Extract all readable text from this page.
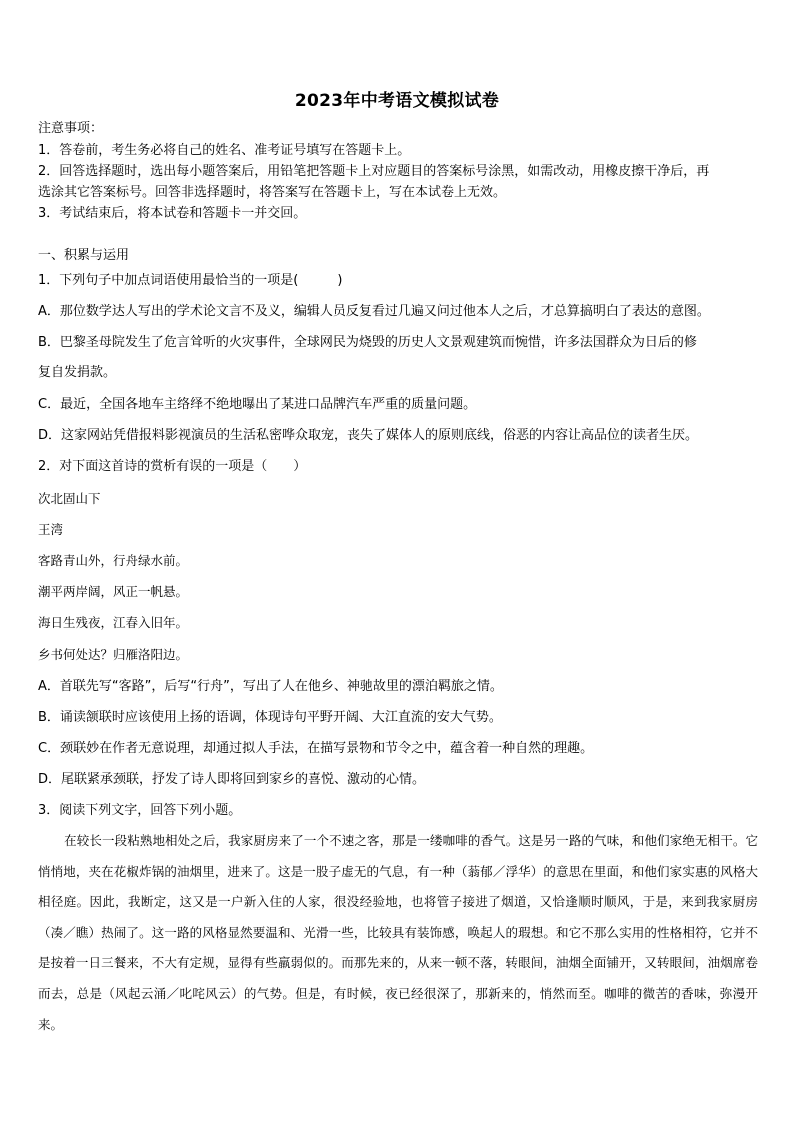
2023年中考语文模拟试卷
注意事项：
1．答卷前，考生务必将自己的姓名、准考证号填写在答题卡上。
2．回答选择题时，选出每小题答案后，用铅笔把答题卡上对应题目的答案标号涂黑，如需改动，用橡皮擦干净后，再
选涂其它答案标号。回答非选择题时，将答案写在答题卡上，写在本试卷上无效。
3．考试结束后，将本试卷和答题卡一并交回。
一、积累与运用
1．下列句子中加点词语使用最恰当的一项是(　　　)
A．那位数学达人写出的学术论文言不及义，编辑人员反复看过几遍又问过他本人之后，才总算搞明白了表达的意图。
B．巴黎圣母院发生了危言耸听的火灾事件，全球网民为烧毁的历史人文景观建筑而惋惜，许多法国群众为日后的修
复自发捐款。
C．最近，全国各地车主络绎不绝地曝出了某进口品牌汽车严重的质量问题。
D．这家网站凭借报料影视演员的生活私密哗众取宠，丧失了媒体人的原则底线，俗恶的内容让高品位的读者生厌。
2．对下面这首诗的赏析有误的一项是（　　）
次北固山下
王湾
客路青山外，行舟绿水前。
潮平两岸阔，风正一帆悬。
海日生残夜，江春入旧年。
乡书何处达？归雁洛阳边。
A．首联先写“客路”，后写“行舟”，写出了人在他乡、神驰故里的漂泊羁旅之情。
B．诵读颔联时应该使用上扬的语调，体现诗句平野开阔、大江直流的安大气势。
C．颈联妙在作者无意说理，却通过拟人手法，在描写景物和节令之中，蕴含着一种自然的理趣。
D．尾联紧承颈联，抒发了诗人即将回到家乡的喜悦、激动的心情。
3．阅读下列文字，回答下列小题。
在较长一段粘熟地相处之后，我家厨房来了一个不速之客，那是一缕咖啡的香气。这是另一路的气味，和他们家绝无相干。它悄悄地，夹在花椒炸锅的油烟里，进来了。这是一股子虚无的气息，有一种（蓊郁／浮华）的意思在里面，和他们家实惠的风格大相径庭。因此，我断定，这又是一户新入住的人家，很没经验地，也将管子接进了烟道，又恰逢顺时顺风，于是，来到我家厨房（凑／瞧）热闹了。这一路的风格显然要温和、光滑一些，比较具有装饰感，唤起人的瑕想。和它不那么实用的性格相符，它并不是按着一日三餐来，不大有定规，显得有些羸弱似的。而那先来的，从来一顿不落，转眼间，油烟全面铺开，又转眼间，油烟席卷而去，总是（风起云涌／叱咤风云）的气势。但是，有时候，夜已经很深了，那新来的，悄然而至。咖啡的微苦的香味，弥漫开来。
